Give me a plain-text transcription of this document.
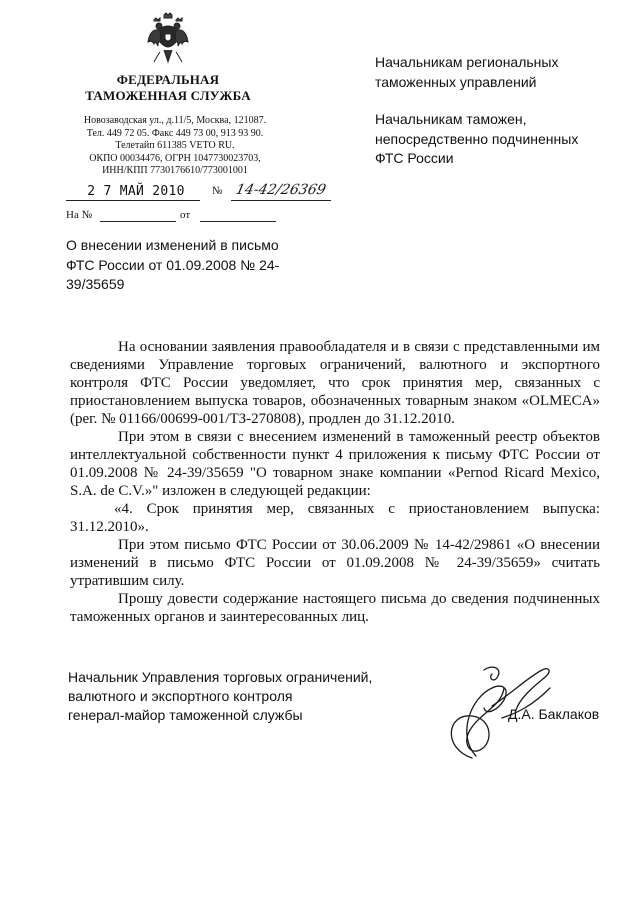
ФЕДЕРАЛЬНАЯ
ТАМОЖЕННАЯ СЛУЖБА
Новозаводская ул., д.11/5, Москва, 121087.
Тел. 449 72 05. Факс 449 73 00, 913 93 90.
Телетайп 611385 VETO RU.
ОКПО 00034476, ОГРН 1047730023703,
ИНН/КПП 7730176610/773001001
2 7 МАЙ 2010	№ 14-42/26369
На №	от
О внесении изменений в письмо
ФТС России от 01.09.2008 № 24-
39/35659
Начальникам региональных
таможенных управлений
Начальникам таможен,
непосредственно подчиненных
ФТС России

На основании заявления правообладателя и в связи с представленными им сведениями Управление торговых ограничений, валютного и экспортного контроля ФТС России уведомляет, что срок принятия мер, связанных с приостановлением выпуска товаров, обозначенных товарным знаком «OLMECA» (рег. № 01166/00699-001/ТЗ-270808), продлен до 31.12.2010.

При этом в связи с внесением изменений в таможенный реестр объектов интеллектуальной собственности пункт 4 приложения к письму ФТС России от 01.09.2008 № 24-39/35659 "О товарном знаке компании «Pernod Ricard Mexico, S.A. de C.V.»" изложен в следующей редакции:

«4. Срок принятия мер, связанных с приостановлением выпуска: 31.12.2010».

При этом письмо ФТС России от 30.06.2009 № 14-42/29861 «О внесении изменений в письмо ФТС России от 01.09.2008 № 24-39/35659» считать утратившим силу.

Прошу довести содержание настоящего письма до сведения подчиненных таможенных органов и заинтересованных лиц.

Начальник Управления торговых ограничений,
валютного и экспортного контроля
генерал-майор таможенной службы	Д.А. Баклаков
